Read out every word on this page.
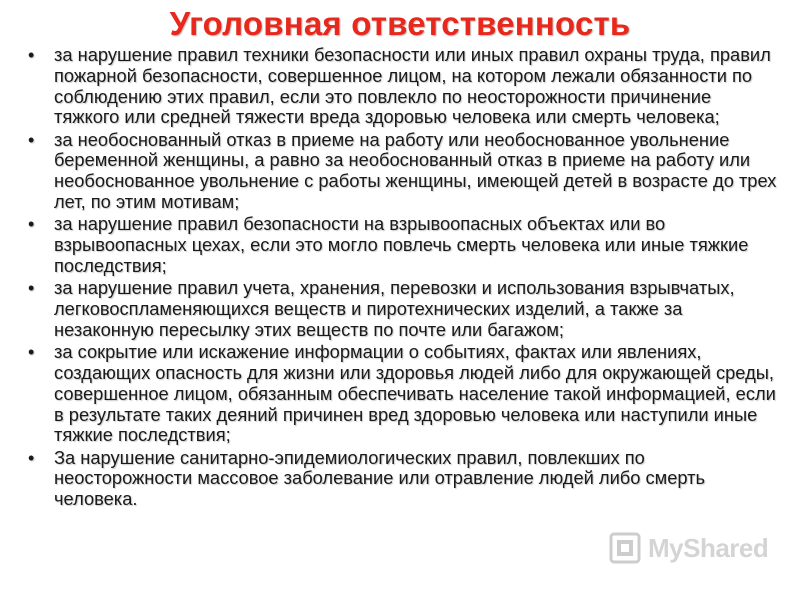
Уголовная ответственность
• за нарушение правил техники безопасности или иных правил охраны труда, правил пожарной безопасности, совершенное лицом, на котором лежали обязанности по соблюдению этих правил, если это повлекло по неосторожности причинение тяжкого или средней тяжести вреда здоровью человека или смерть человека;
• за необоснованный отказ в приеме на работу или необоснованное увольнение беременной женщины, а равно за необоснованный отказ в приеме на работу или необоснованное увольнение с работы женщины, имеющей детей в возрасте до трех лет, по этим мотивам;
• за нарушение правил безопасности на взрывоопасных объектах или во взрывоопасных цехах, если это могло повлечь смерть человека или иные тяжкие последствия;
• за нарушение правил учета, хранения, перевозки и использования взрывчатых, легковоспламеняющихся веществ и пиротехнических изделий, а также за незаконную пересылку этих веществ по почте или багажом;
• за сокрытие или искажение информации о событиях, фактах или явлениях, создающих опасность для жизни или здоровья людей либо для окружающей среды, совершенное лицом, обязанным обеспечивать население такой информацией, если в результате таких деяний причинен вред здоровью человека или наступили иные тяжкие последствия;
• За нарушение санитарно-эпидемиологических правил, повлекших по неосторожности массовое заболевание или отравление людей либо смерть человека.
MyShared
